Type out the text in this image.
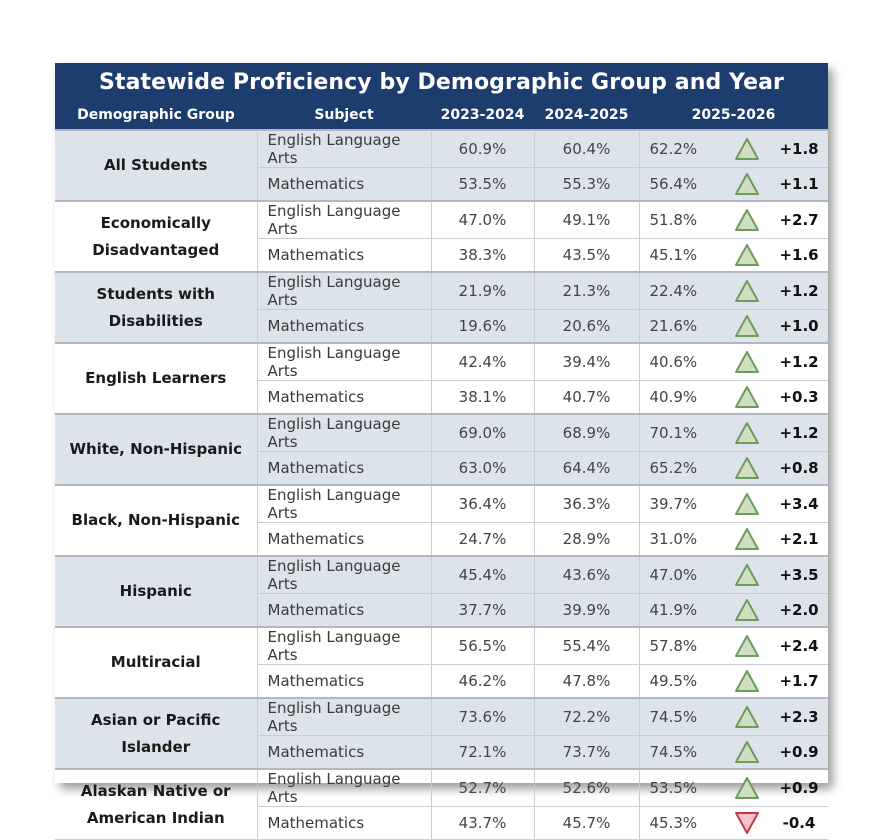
Statewide Proficiency by Demographic Group and Year						
Demographic Group	Subject	2023-2024	2024-2025	2025-2026		
All Students	English Language Arts	60.9%	60.4%	62.2%		+1.8
	Mathematics	53.5%	55.3%	56.4%		+1.1
Economically Disadvantaged	English Language Arts	47.0%	49.1%	51.8%		+2.7
	Mathematics	38.3%	43.5%	45.1%		+1.6
Students with Disabilities	English Language Arts	21.9%	21.3%	22.4%		+1.2
	Mathematics	19.6%	20.6%	21.6%		+1.0
English Learners	English Language Arts	42.4%	39.4%	40.6%		+1.2
	Mathematics	38.1%	40.7%	40.9%		+0.3
White, Non-Hispanic	English Language Arts	69.0%	68.9%	70.1%		+1.2
	Mathematics	63.0%	64.4%	65.2%		+0.8
Black, Non-Hispanic	English Language Arts	36.4%	36.3%	39.7%		+3.4
	Mathematics	24.7%	28.9%	31.0%		+2.1
Hispanic	English Language Arts	45.4%	43.6%	47.0%		+3.5
	Mathematics	37.7%	39.9%	41.9%		+2.0
Multiracial	English Language Arts	56.5%	55.4%	57.8%		+2.4
	Mathematics	46.2%	47.8%	49.5%		+1.7
Asian or Pacific Islander	English Language Arts	73.6%	72.2%	74.5%		+2.3
	Mathematics	72.1%	73.7%	74.5%		+0.9
Alaskan Native or American Indian	English Language Arts	52.7%	52.6%	53.5%		+0.9
	Mathematics	43.7%	45.7%	45.3%		-0.4
